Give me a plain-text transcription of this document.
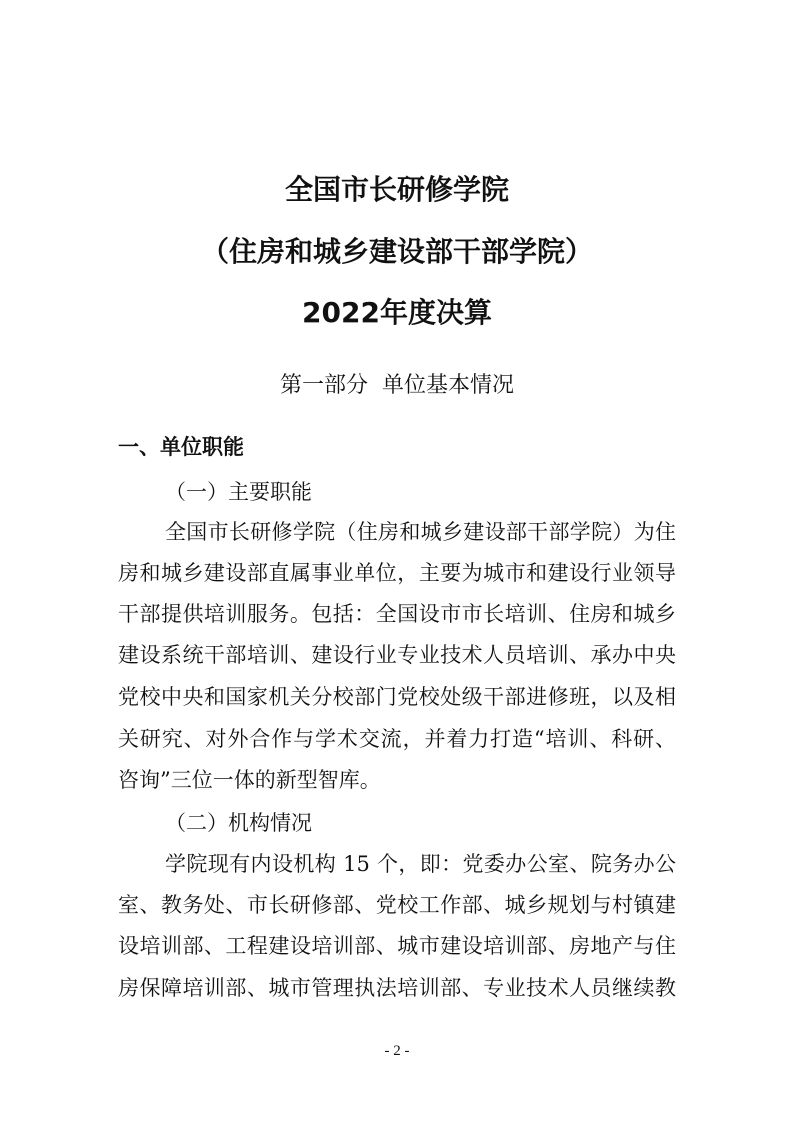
全国市长研修学院
（住房和城乡建设部干部学院）
2022年度决算
第一部分  单位基本情况
一、单位职能
（一）主要职能
全国市长研修学院（住房和城乡建设部干部学院）为住
房和城乡建设部直属事业单位，主要为城市和建设行业领导
干部提供培训服务。包括：全国设市市长培训、住房和城乡
建设系统干部培训、建设行业专业技术人员培训、承办中央
党校中央和国家机关分校部门党校处级干部进修班，以及相
关研究、对外合作与学术交流，并着力打造“培训、科研、
咨询”三位一体的新型智库。
（二）机构情况
学院现有内设机构 15 个，即：党委办公室、院务办公
室、教务处、市长研修部、党校工作部、城乡规划与村镇建
设培训部、工程建设培训部、城市建设培训部、房地产与住
房保障培训部、城市管理执法培训部、专业技术人员继续教
- 2 -
